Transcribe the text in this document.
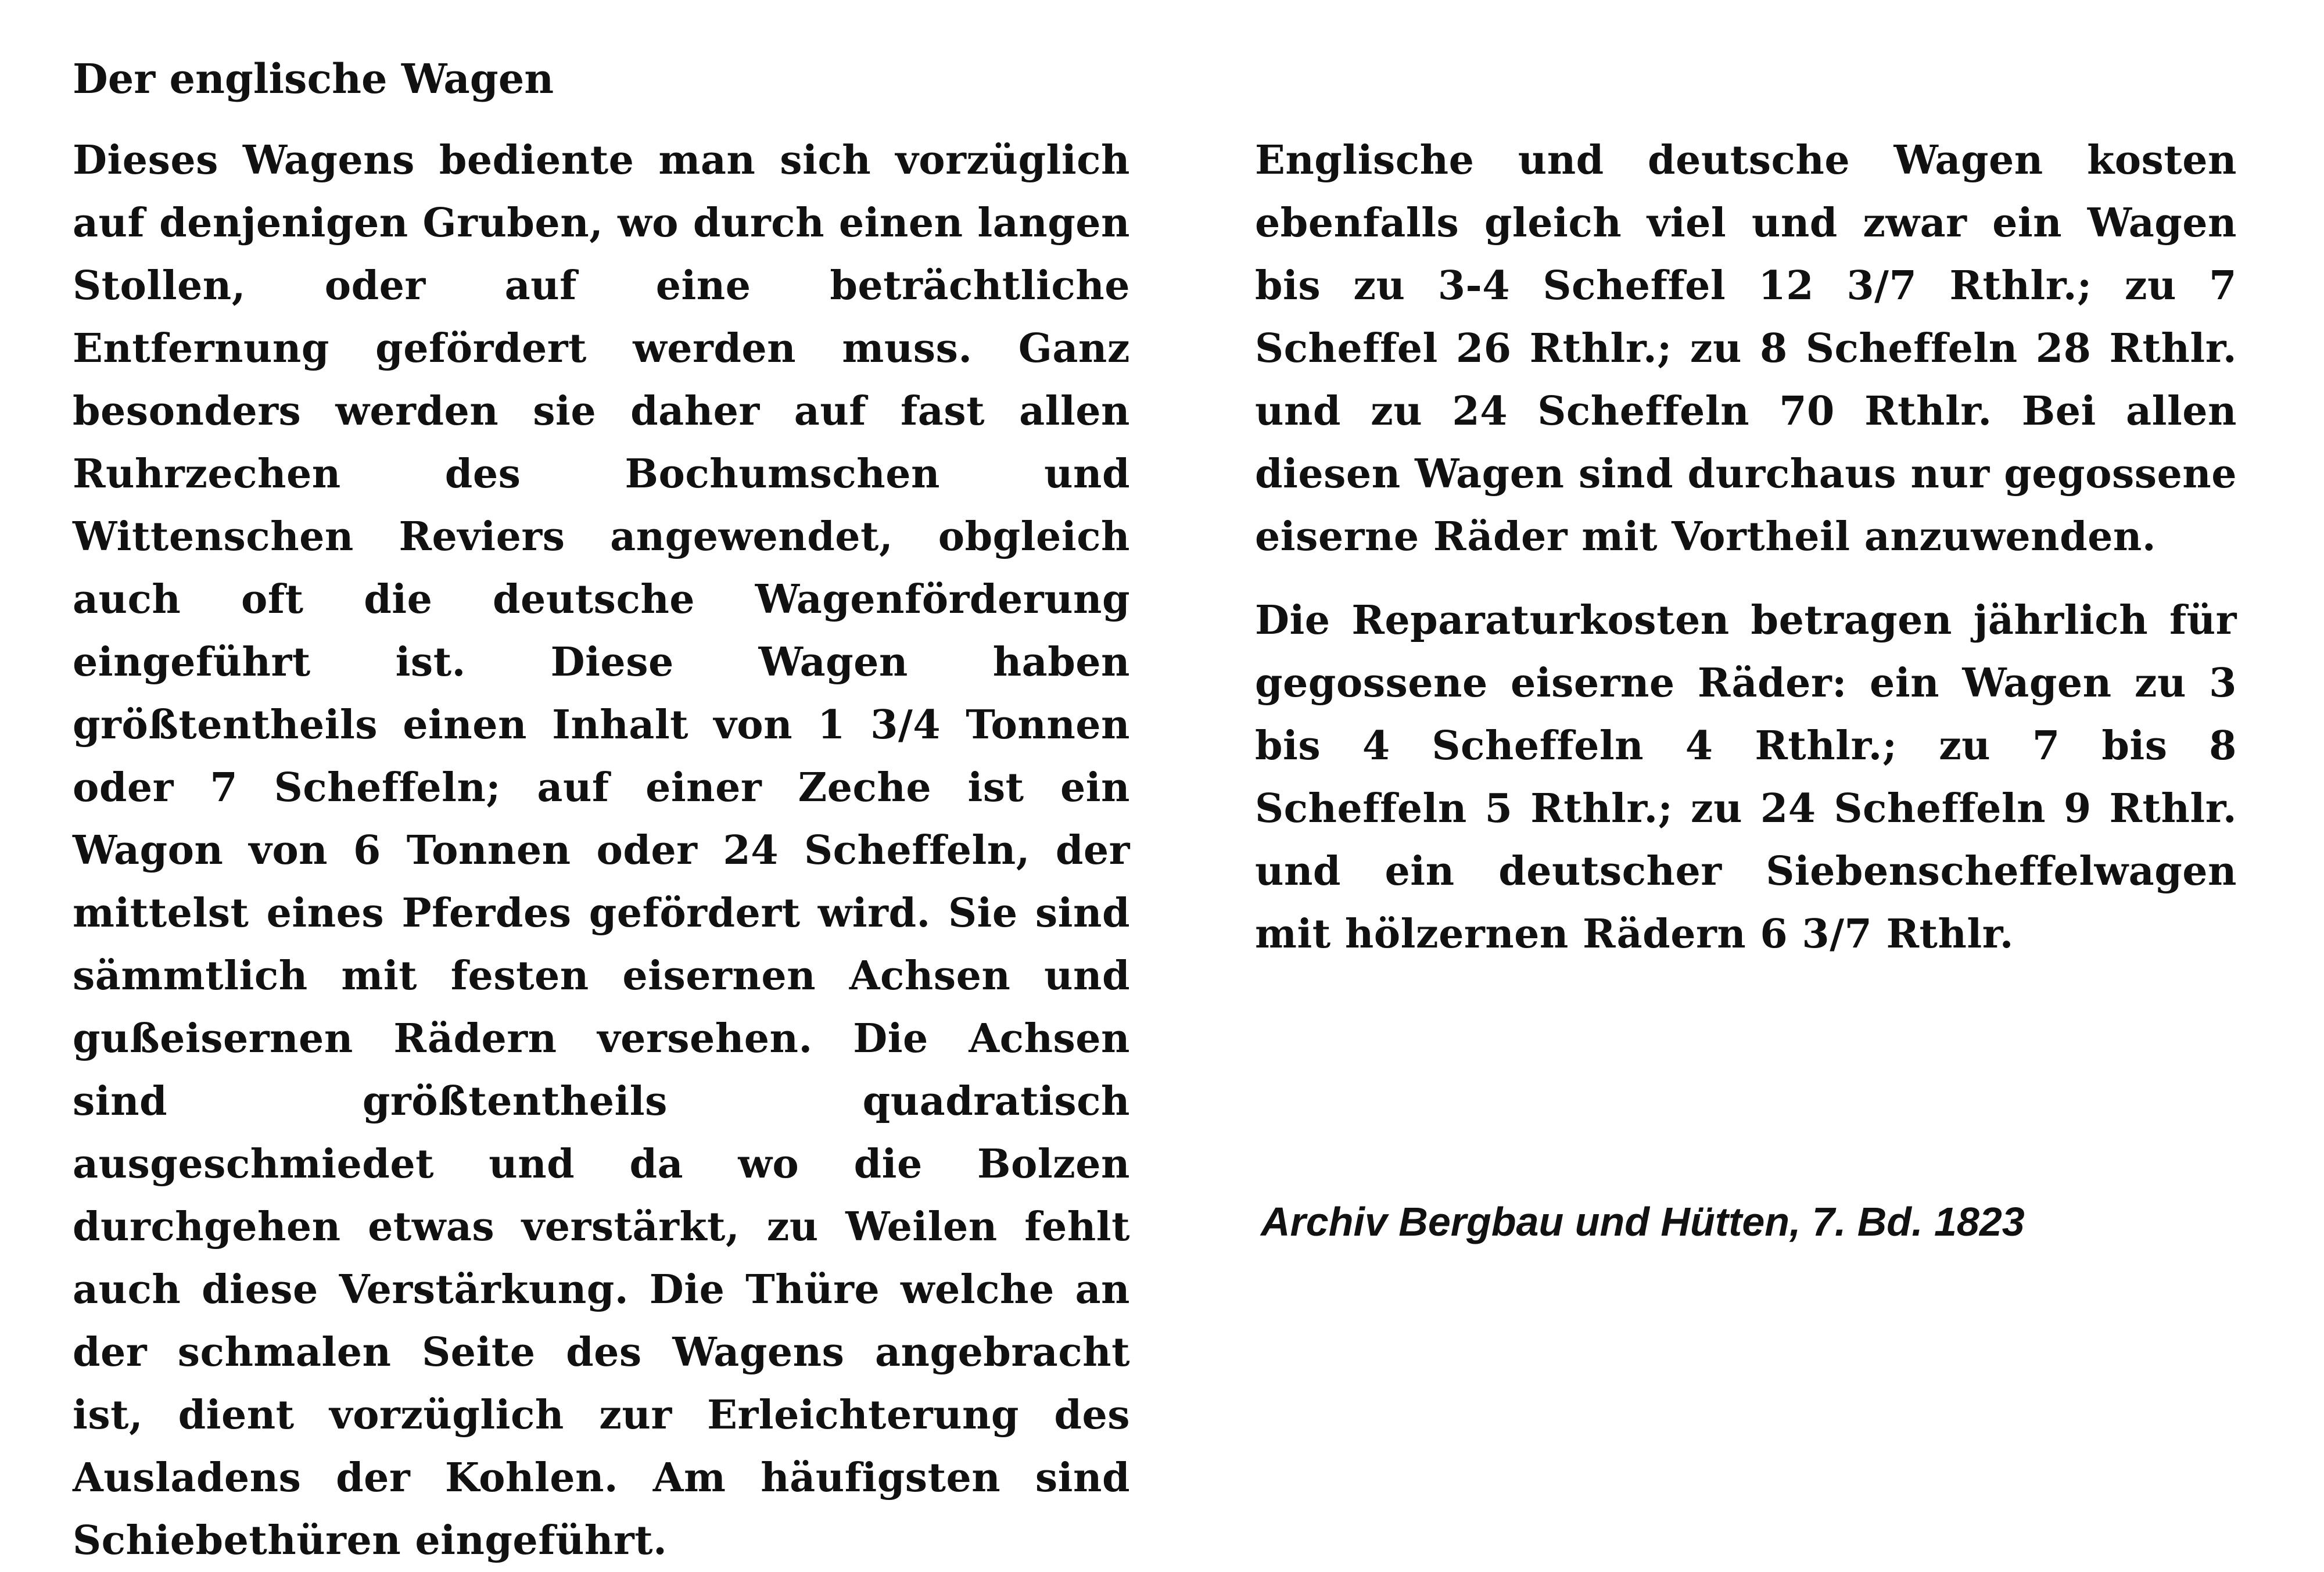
Der englische Wagen

Dieses Wagens bediente man sich vorzüglich auf denjenigen Gruben, wo durch einen langen Stollen, oder auf eine beträchtliche Entfernung gefördert werden muss. Ganz besonders werden sie daher auf fast allen Ruhrzechen des Bochumschen und Wittenschen Reviers angewendet, obgleich auch oft die deutsche Wagenförderung eingeführt ist. Diese Wagen haben größtentheils einen Inhalt von 1 3/4 Tonnen oder 7 Scheffeln; auf einer Zeche ist ein Wagon von 6 Tonnen oder 24 Scheffeln, der mittelst eines Pferdes gefördert wird. Sie sind sämmtlich mit festen eisernen Achsen und gußeisernen Rädern versehen. Die Achsen sind größtentheils quadratisch ausgeschmiedet und da wo die Bolzen durchgehen etwas verstärkt, zu Weilen fehlt auch diese Verstärkung. Die Thüre welche an der schmalen Seite des Wagens angebracht ist, dient vorzüglich zur Erleichterung des Ausladens der Kohlen. Am häufigsten sind Schiebethüren eingeführt.

Englische und deutsche Wagen kosten ebenfalls gleich viel und zwar ein Wagen bis zu 3-4 Scheffel 12 3/7 Rthlr.; zu 7 Scheffel 26 Rthlr.; zu 8 Scheffeln 28 Rthlr. und zu 24 Scheffeln 70 Rthlr. Bei allen diesen Wagen sind durchaus nur gegossene eiserne Räder mit Vortheil anzuwenden.

Die Reparaturkosten betragen jährlich für gegossene eiserne Räder: ein Wagen zu 3 bis 4 Scheffeln 4 Rthlr.; zu 7 bis 8 Scheffeln 5 Rthlr.; zu 24 Scheffeln 9 Rthlr. und ein deutscher Siebenscheffelwagen mit hölzernen Rädern 6 3/7 Rthlr.

Archiv Bergbau und Hütten, 7. Bd. 1823
